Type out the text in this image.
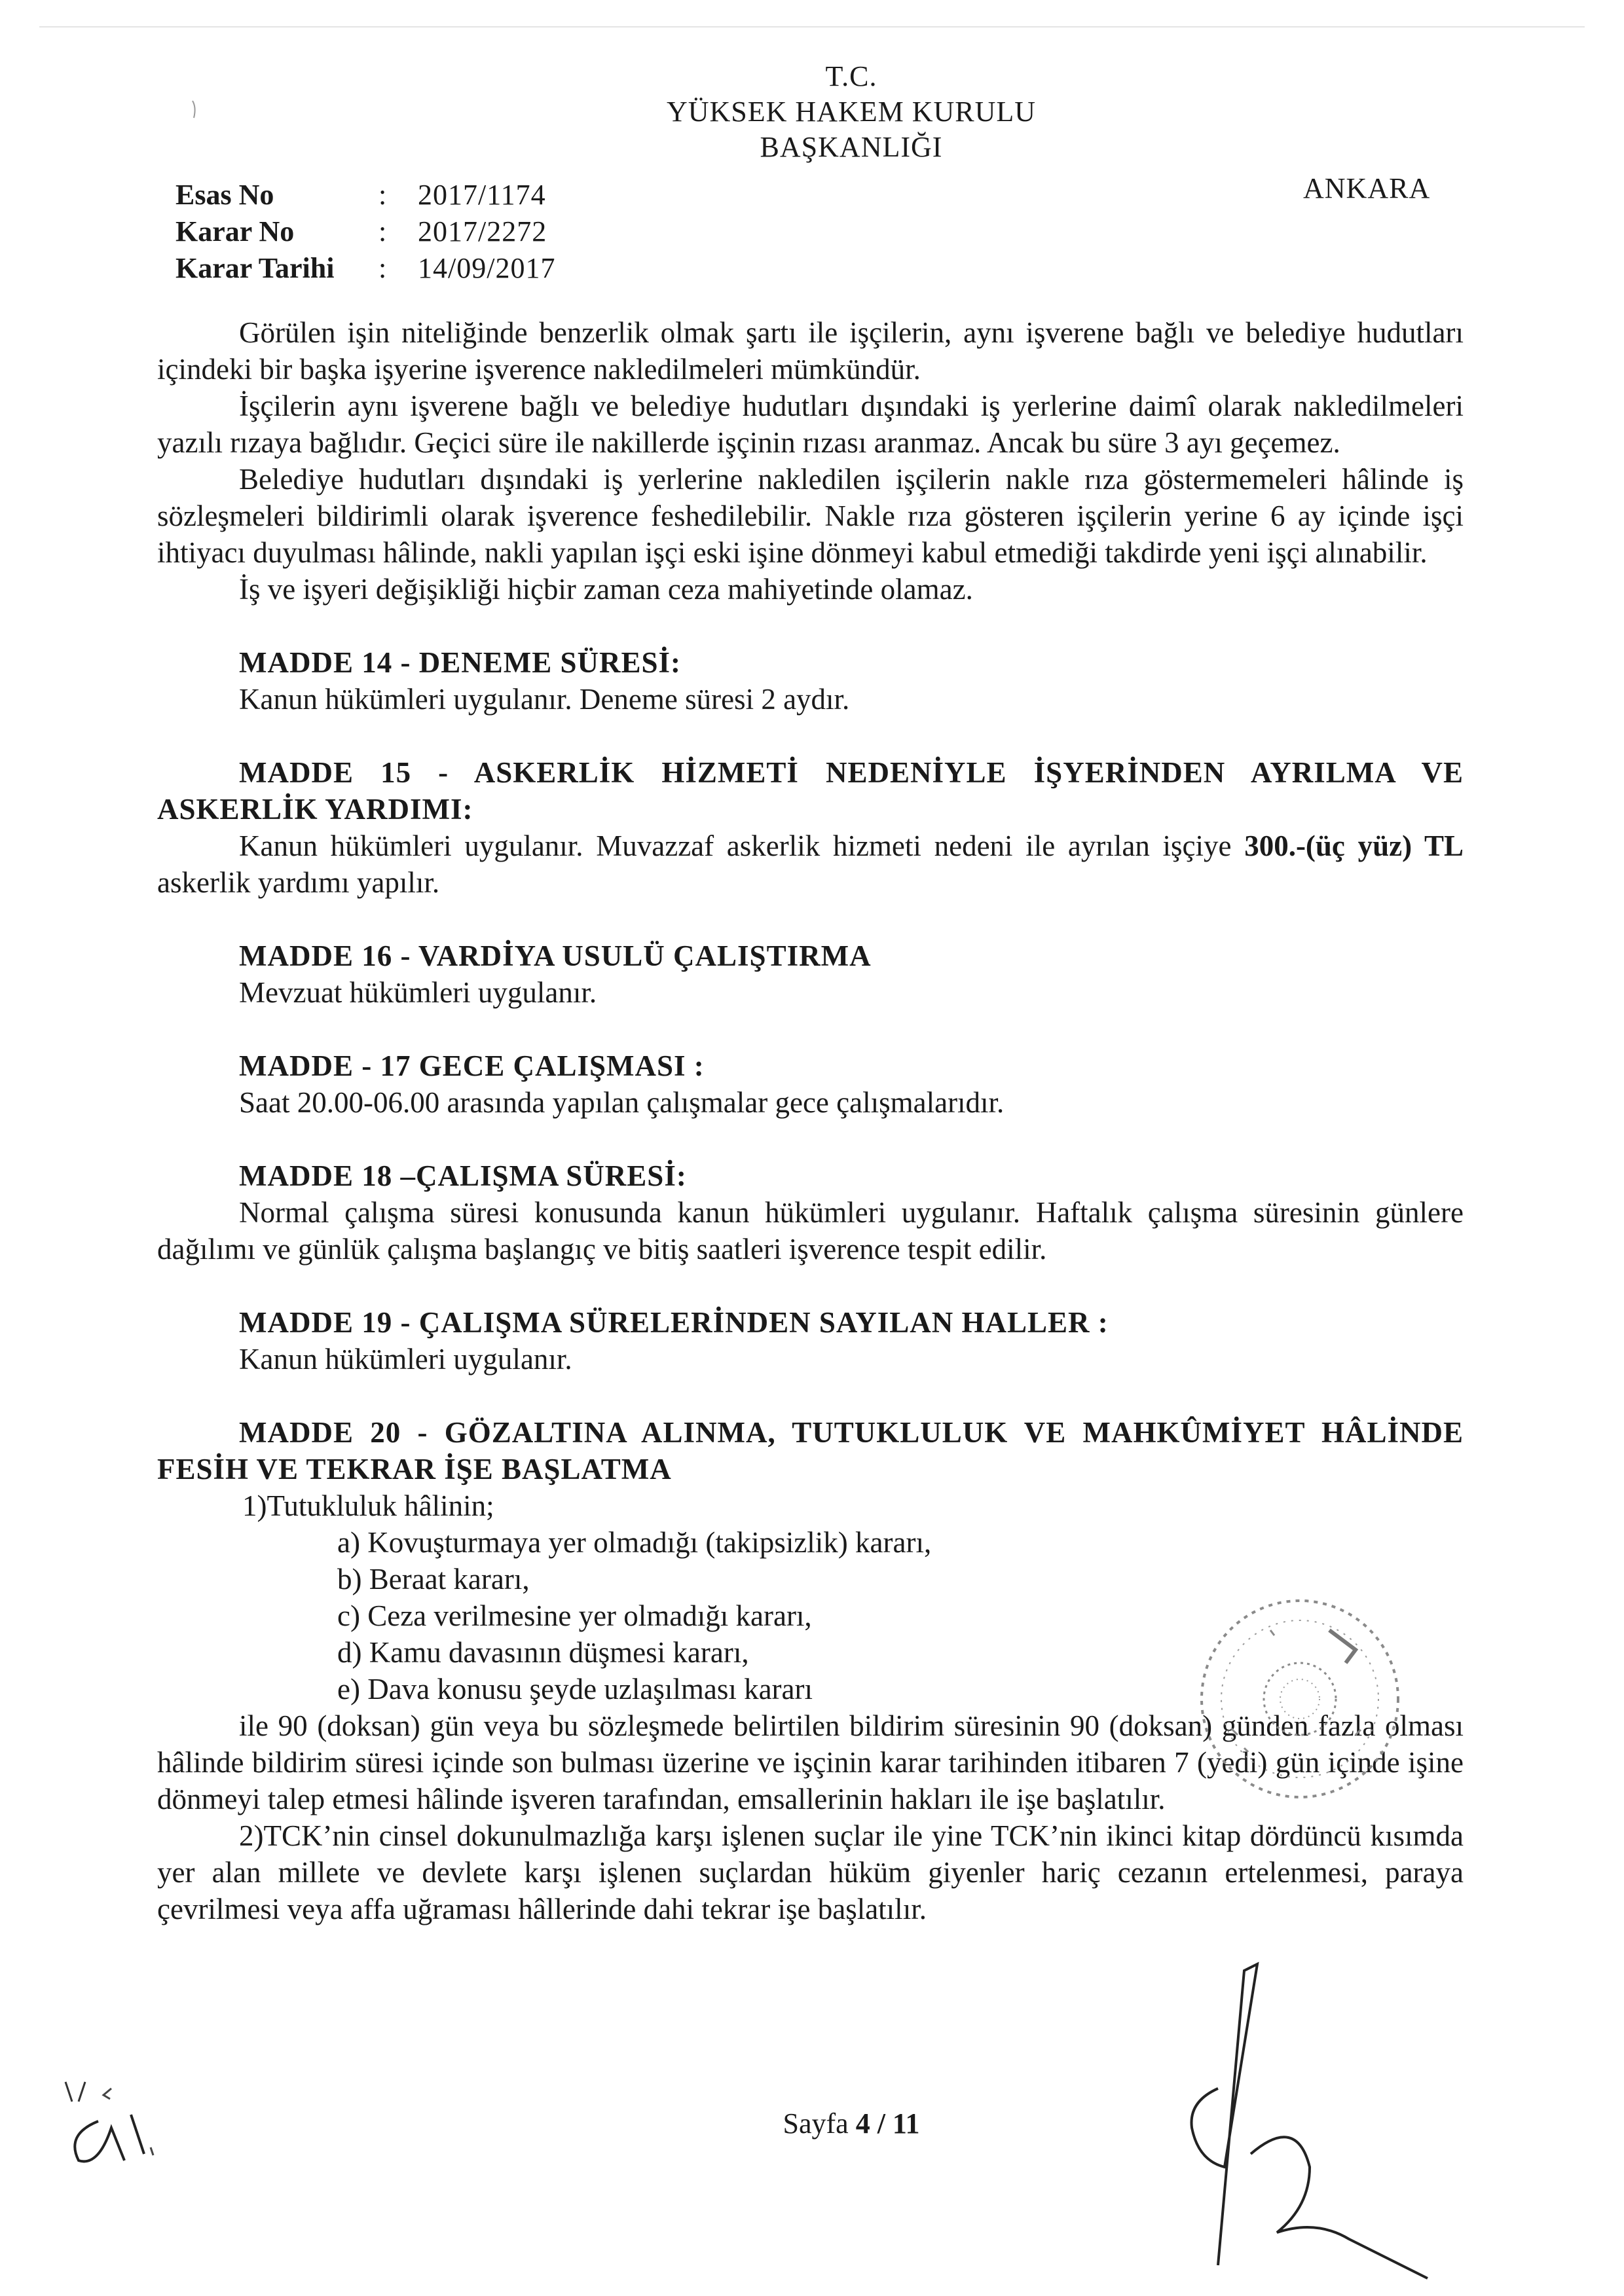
T.C.
YÜKSEK HAKEM KURULU
BAŞKANLIĞI
ANKARA
Esas No	:	2017/1174
Karar No	:	2017/2272
Karar Tarihi	:	14/09/2017

Görülen işin niteliğinde benzerlik olmak şartı ile işçilerin, aynı işverene bağlı ve belediye hudutları içindeki bir başka işyerine işverence nakledilmeleri mümkündür.

İşçilerin aynı işverene bağlı ve belediye hudutları dışındaki iş yerlerine daimî olarak nakledilmeleri yazılı rızaya bağlıdır. Geçici süre ile nakillerde işçinin rızası aranmaz. Ancak bu süre 3 ayı geçemez.

Belediye hudutları dışındaki iş yerlerine nakledilen işçilerin nakle rıza göstermemeleri hâlinde iş sözleşmeleri bildirimli olarak işverence feshedilebilir. Nakle rıza gösteren işçilerin yerine 6 ay içinde işçi ihtiyacı duyulması hâlinde, nakli yapılan işçi eski işine dönmeyi kabul etmediği takdirde yeni işçi alınabilir.

İş ve işyeri değişikliği hiçbir zaman ceza mahiyetinde olamaz.

MADDE 14 - DENEME SÜRESİ:

Kanun hükümleri uygulanır. Deneme süresi 2 aydır.

MADDE 15 - ASKERLİK HİZMETİ NEDENİYLE İŞYERİNDEN AYRILMA VE ASKERLİK YARDIMI:

Kanun hükümleri uygulanır. Muvazzaf askerlik hizmeti nedeni ile ayrılan işçiye 300.-(üç yüz) TL askerlik yardımı yapılır.

MADDE 16 - VARDİYA USULÜ ÇALIŞTIRMA

Mevzuat hükümleri uygulanır.

MADDE - 17 GECE ÇALIŞMASI :

Saat 20.00-06.00 arasında yapılan çalışmalar gece çalışmalarıdır.

MADDE 18 –ÇALIŞMA SÜRESİ:

Normal çalışma süresi konusunda kanun hükümleri uygulanır. Haftalık çalışma süresinin günlere dağılımı ve günlük çalışma başlangıç ve bitiş saatleri işverence tespit edilir.

MADDE 19 - ÇALIŞMA SÜRELERİNDEN SAYILAN HALLER :

Kanun hükümleri uygulanır.

MADDE 20 - GÖZALTINA ALINMA, TUTUKLULUK VE MAHKÛMİYET HÂLİNDE FESİH VE TEKRAR İŞE BAŞLATMA

1)Tutukluluk hâlinin;

a) Kovuşturmaya yer olmadığı (takipsizlik) kararı,
b) Beraat kararı,
c) Ceza verilmesine yer olmadığı kararı,
d) Kamu davasının düşmesi kararı,
e) Dava konusu şeyde uzlaşılması kararı

ile 90 (doksan) gün veya bu sözleşmede belirtilen bildirim süresinin 90 (doksan) günden fazla olması hâlinde bildirim süresi içinde son bulması üzerine ve işçinin karar tarihinden itibaren 7 (yedi) gün içinde işine dönmeyi talep etmesi hâlinde işveren tarafından, emsallerinin hakları ile işe başlatılır.

2)TCK’nin cinsel dokunulmazlığa karşı işlenen suçlar ile yine TCK’nin ikinci kitap dördüncü kısımda yer alan millete ve devlete karşı işlenen suçlardan hüküm giyenler hariç cezanın ertelenmesi, paraya çevrilmesi veya affa uğraması hâllerinde dahi tekrar işe başlatılır.

Sayfa 4 / 11
